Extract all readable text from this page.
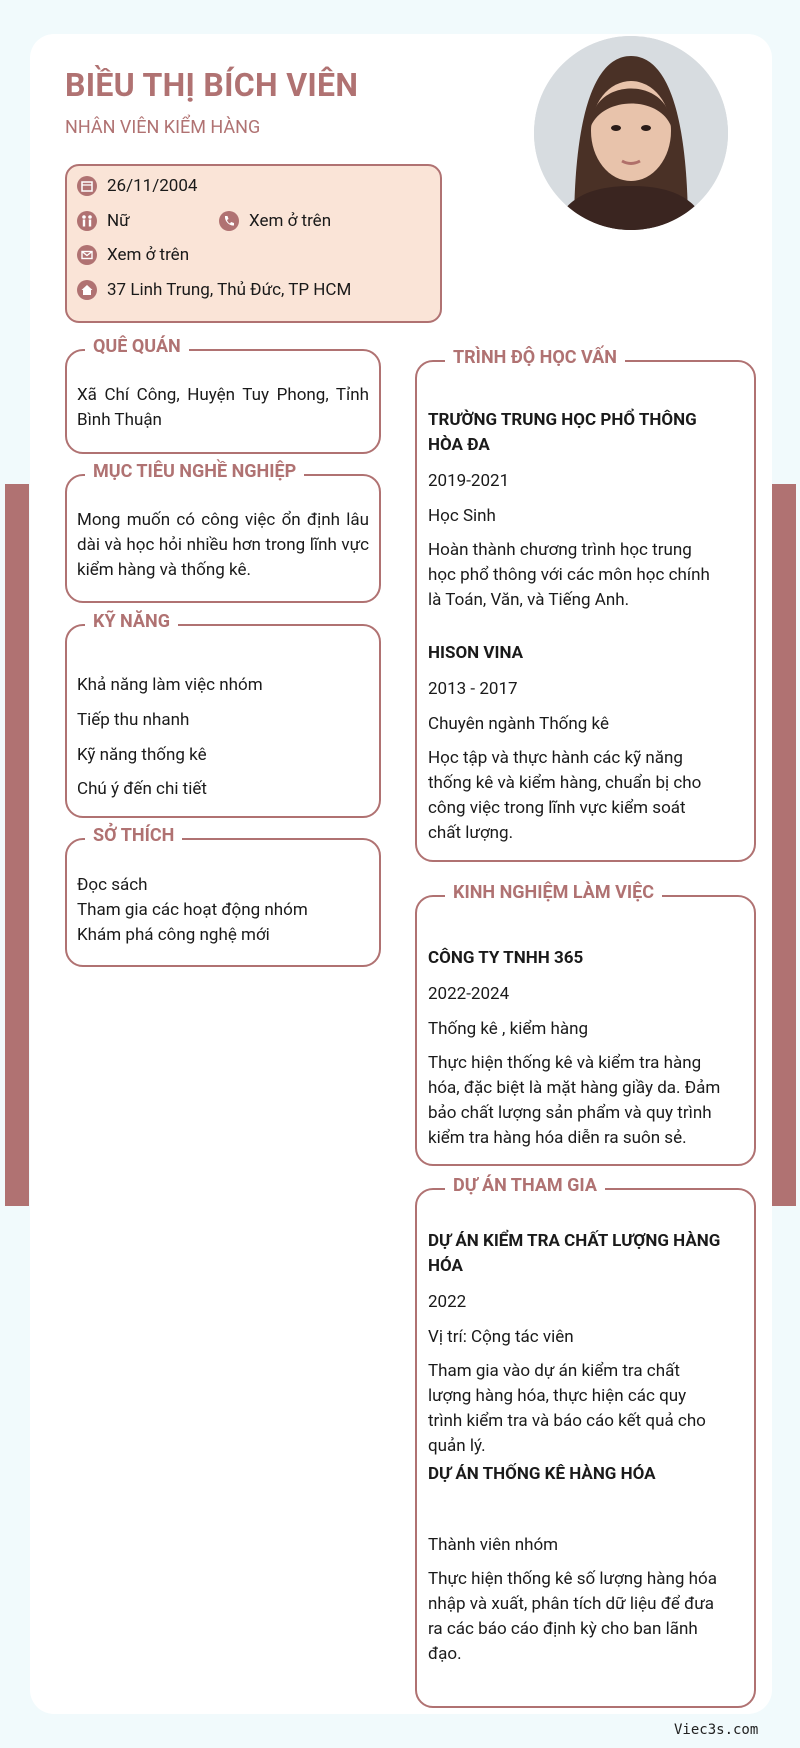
BIỀU THỊ BÍCH VIÊN
NHÂN VIÊN KIỂM HÀNG
26/11/2004
Nữ	Xem ở trên
Xem ở trên
37 Linh Trung, Thủ Đức, TP HCM
QUÊ QUÁN
Xã Chí Công, Huyện Tuy Phong, Tỉnh Bình Thuận
MỤC TIÊU NGHỀ NGHIỆP
Mong muốn có công việc ổn định lâu dài và học hỏi nhiều hơn trong lĩnh vực kiểm hàng và thống kê.
KỸ NĂNG
Khả năng làm việc nhóm
Tiếp thu nhanh
Kỹ năng thống kê
Chú ý đến chi tiết
SỞ THÍCH
Đọc sách
Tham gia các hoạt động nhóm
Khám phá công nghệ mới
TRÌNH ĐỘ HỌC VẤN
TRƯỜNG TRUNG HỌC PHỔ THÔNG HÒA ĐA
2019-2021
Học Sinh
Hoàn thành chương trình học trung học phổ thông với các môn học chính là Toán, Văn, và Tiếng Anh.
HISON VINA
2013 - 2017
Chuyên ngành Thống kê
Học tập và thực hành các kỹ năng thống kê và kiểm hàng, chuẩn bị cho công việc trong lĩnh vực kiểm soát chất lượng.
KINH NGHIỆM LÀM VIỆC
CÔNG TY TNHH 365
2022-2024
Thống kê , kiểm hàng
Thực hiện thống kê và kiểm tra hàng hóa, đặc biệt là mặt hàng giầy da. Đảm bảo chất lượng sản phẩm và quy trình kiểm tra hàng hóa diễn ra suôn sẻ.
DỰ ÁN THAM GIA
DỰ ÁN KIỂM TRA CHẤT LƯỢNG HÀNG HÓA
2022
Vị trí: Cộng tác viên
Tham gia vào dự án kiểm tra chất lượng hàng hóa, thực hiện các quy trình kiểm tra và báo cáo kết quả cho quản lý.
DỰ ÁN THỐNG KÊ HÀNG HÓA
Thành viên nhóm
Thực hiện thống kê số lượng hàng hóa nhập và xuất, phân tích dữ liệu để đưa ra các báo cáo định kỳ cho ban lãnh đạo.
Viec3s.com
